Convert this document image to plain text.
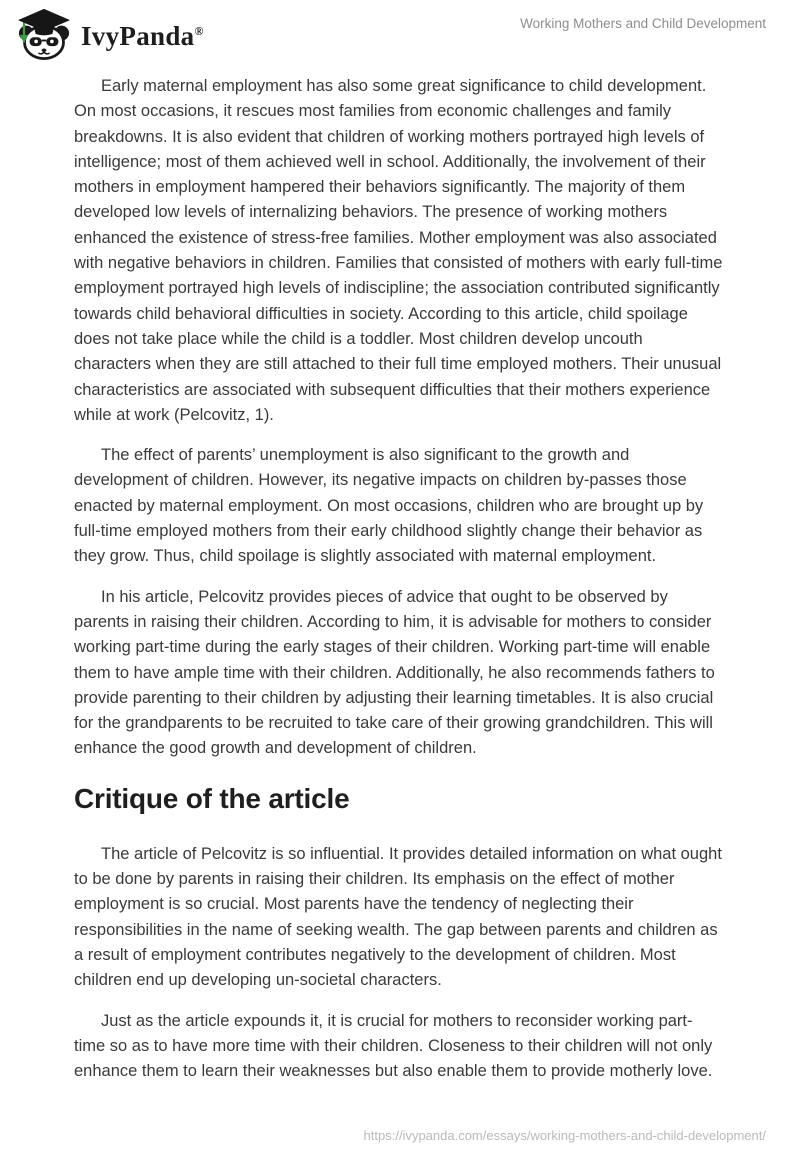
IvyPanda®	Working Mothers and Child Development

Early maternal employment has also some great significance to child development. On most occasions, it rescues most families from economic challenges and family breakdowns. It is also evident that children of working mothers portrayed high levels of intelligence; most of them achieved well in school. Additionally, the involvement of their mothers in employment hampered their behaviors significantly. The majority of them developed low levels of internalizing behaviors. The presence of working mothers enhanced the existence of stress-free families. Mother employment was also associated with negative behaviors in children. Families that consisted of mothers with early full-time employment portrayed high levels of indiscipline; the association contributed significantly towards child behavioral difficulties in society. According to this article, child spoilage does not take place while the child is a toddler. Most children develop uncouth characters when they are still attached to their full time employed mothers. Their unusual characteristics are associated with subsequent difficulties that their mothers experience while at work (Pelcovitz, 1).

The effect of parents’ unemployment is also significant to the growth and development of children. However, its negative impacts on children by-passes those enacted by maternal employment. On most occasions, children who are brought up by full-time employed mothers from their early childhood slightly change their behavior as they grow. Thus, child spoilage is slightly associated with maternal employment.

In his article, Pelcovitz provides pieces of advice that ought to be observed by parents in raising their children. According to him, it is advisable for mothers to consider working part-time during the early stages of their children. Working part-time will enable them to have ample time with their children. Additionally, he also recommends fathers to provide parenting to their children by adjusting their learning timetables. It is also crucial for the grandparents to be recruited to take care of their growing grandchildren. This will enhance the good growth and development of children.

Critique of the article

The article of Pelcovitz is so influential. It provides detailed information on what ought to be done by parents in raising their children. Its emphasis on the effect of mother employment is so crucial. Most parents have the tendency of neglecting their responsibilities in the name of seeking wealth. The gap between parents and children as a result of employment contributes negatively to the development of children. Most children end up developing un-societal characters.

Just as the article expounds it, it is crucial for mothers to reconsider working part-time so as to have more time with their children. Closeness to their children will not only enhance them to learn their weaknesses but also enable them to provide motherly love.

https://ivypanda.com/essays/working-mothers-and-child-development/
